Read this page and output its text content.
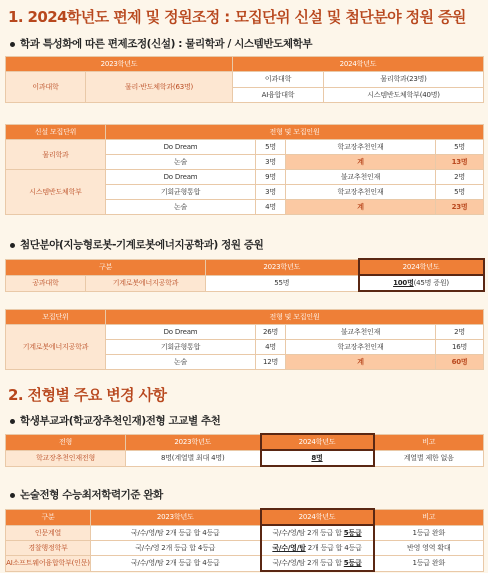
1. 2024학년도 편제 및 정원조정 : 모집단위 신설 및 첨단분야 정원 증원
학과 특성화에 따른 편제조정(신설) : 물리학과 / 시스템반도체학부
2023학년도		2024학년도	
이과대학	물리·반도체학과(63명)	이과대학	물리학과(23명)
		AI융합대학	시스템반도체학부(40명)
신설 모집단위	전형 및 모집인원			
물리학과	Do Dream	5명	학교장추천인재	5명
	논술	3명	계	13명
시스템반도체학부	Do Dream	9명	불교추천인재	2명
	기회균형통합	3명	학교장추천인재	5명
	논술	4명	계	23명
첨단분야(지능형로봇-기계로봇에너지공학과) 정원 증원
구분		2023학년도	2024학년도
공과대학	기계로봇에너지공학과	55명	100명(45명 증원)
모집단위	전형 및 모집인원			
기계로봇에너지공학과	Do Dream	26명	불교추천인재	2명
	기회균형통합	4명	학교장추천인재	16명
	논술	12명	계	60명
2. 전형별 주요 변경 사항
학생부교과(학교장추천인재)전형 고교별 추천
전형	2023학년도	2024학년도	비고
학교장추천인재전형	8명(계열별 최대 4명)	8명	계열별 제한 없음
논술전형 수능최저학력기준 완화
구분	2023학년도	2024학년도	비고
인문계열	국/수/영/탐 2개 등급 합 4등급	국/수/영/탐 2개 등급 합 5등급	1등급 완화
경찰행정학부	국/수/영 2개 등급 합 4등급	국/수/영/탐 2개 등급 합 4등급	반영 영역 확대
AI소프트웨어융합학부(인문)	국/수/영/탐 2개 등급 합 4등급	국/수/영/탐 2개 등급 합 5등급	1등급 완화
